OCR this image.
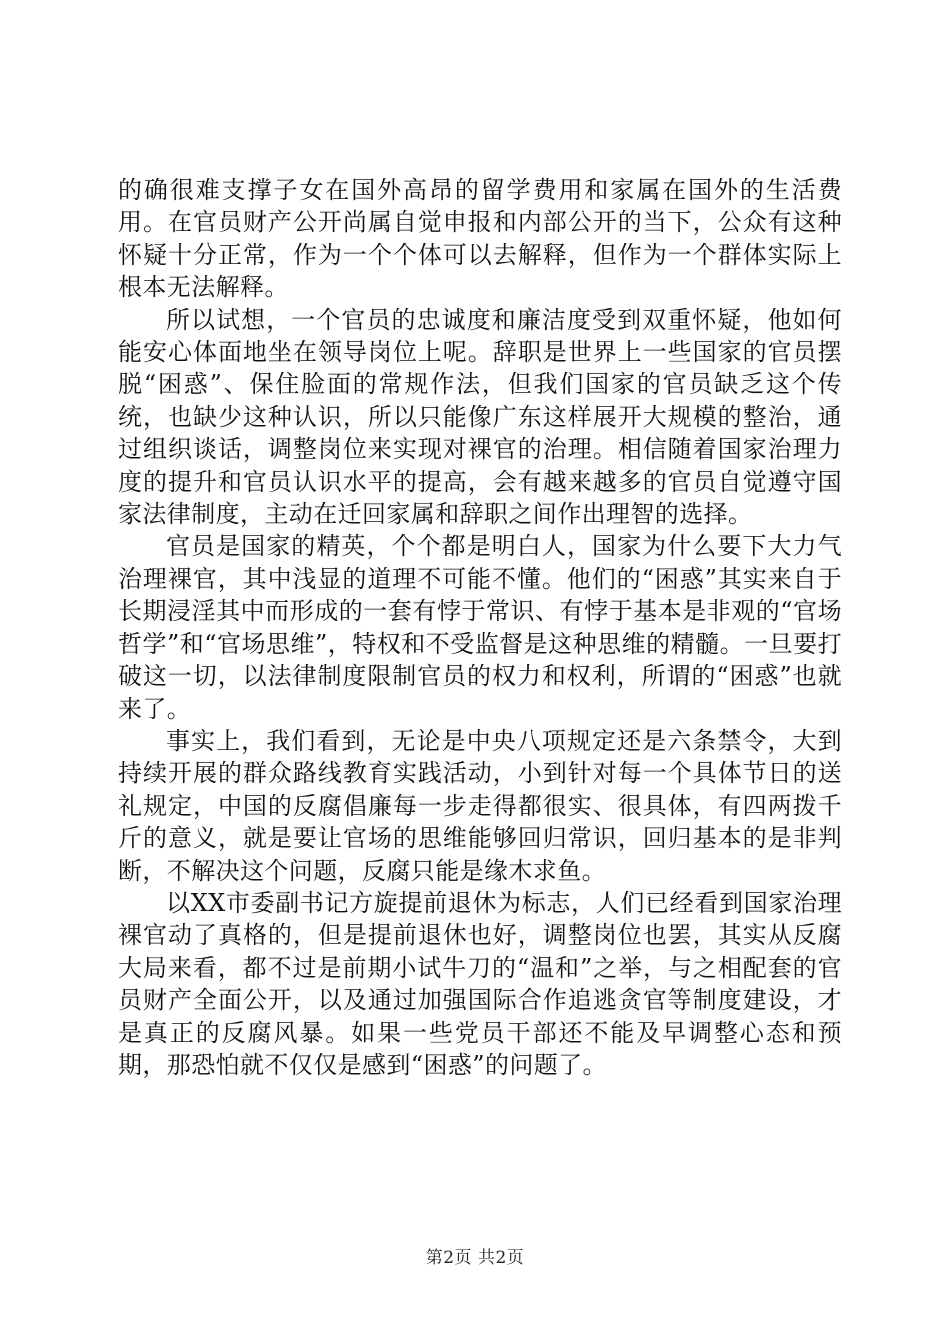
的确很难支撑子女在国外高昂的留学费用和家属在国外的生活费用。在官员财产公开尚属自觉申报和内部公开的当下，公众有这种怀疑十分正常，作为一个个体可以去解释，但作为一个群体实际上根本无法解释。

所以试想，一个官员的忠诚度和廉洁度受到双重怀疑，他如何能安心体面地坐在领导岗位上呢。辞职是世界上一些国家的官员摆脱“困惑”、保住脸面的常规作法，但我们国家的官员缺乏这个传统，也缺少这种认识，所以只能像广东这样展开大规模的整治，通过组织谈话，调整岗位来实现对裸官的治理。相信随着国家治理力度的提升和官员认识水平的提高，会有越来越多的官员自觉遵守国家法律制度，主动在迁回家属和辞职之间作出理智的选择。

官员是国家的精英，个个都是明白人，国家为什么要下大力气治理裸官，其中浅显的道理不可能不懂。他们的“困惑”其实来自于长期浸淫其中而形成的一套有悖于常识、有悖于基本是非观的“官场哲学”和“官场思维”，特权和不受监督是这种思维的精髓。一旦要打破这一切，以法律制度限制官员的权力和权利，所谓的“困惑”也就来了。

事实上，我们看到，无论是中央八项规定还是六条禁令，大到持续开展的群众路线教育实践活动，小到针对每一个具体节日的送礼规定，中国的反腐倡廉每一步走得都很实、很具体，有四两拨千斤的意义，就是要让官场的思维能够回归常识，回归基本的是非判断，不解决这个问题，反腐只能是缘木求鱼。

以XX市委副书记方旋提前退休为标志，人们已经看到国家治理裸官动了真格的，但是提前退休也好，调整岗位也罢，其实从反腐大局来看，都不过是前期小试牛刀的“温和”之举，与之相配套的官员财产全面公开，以及通过加强国际合作追逃贪官等制度建设，才是真正的反腐风暴。如果一些党员干部还不能及早调整心态和预期，那恐怕就不仅仅是感到“困惑”的问题了。

第2页 共2页
